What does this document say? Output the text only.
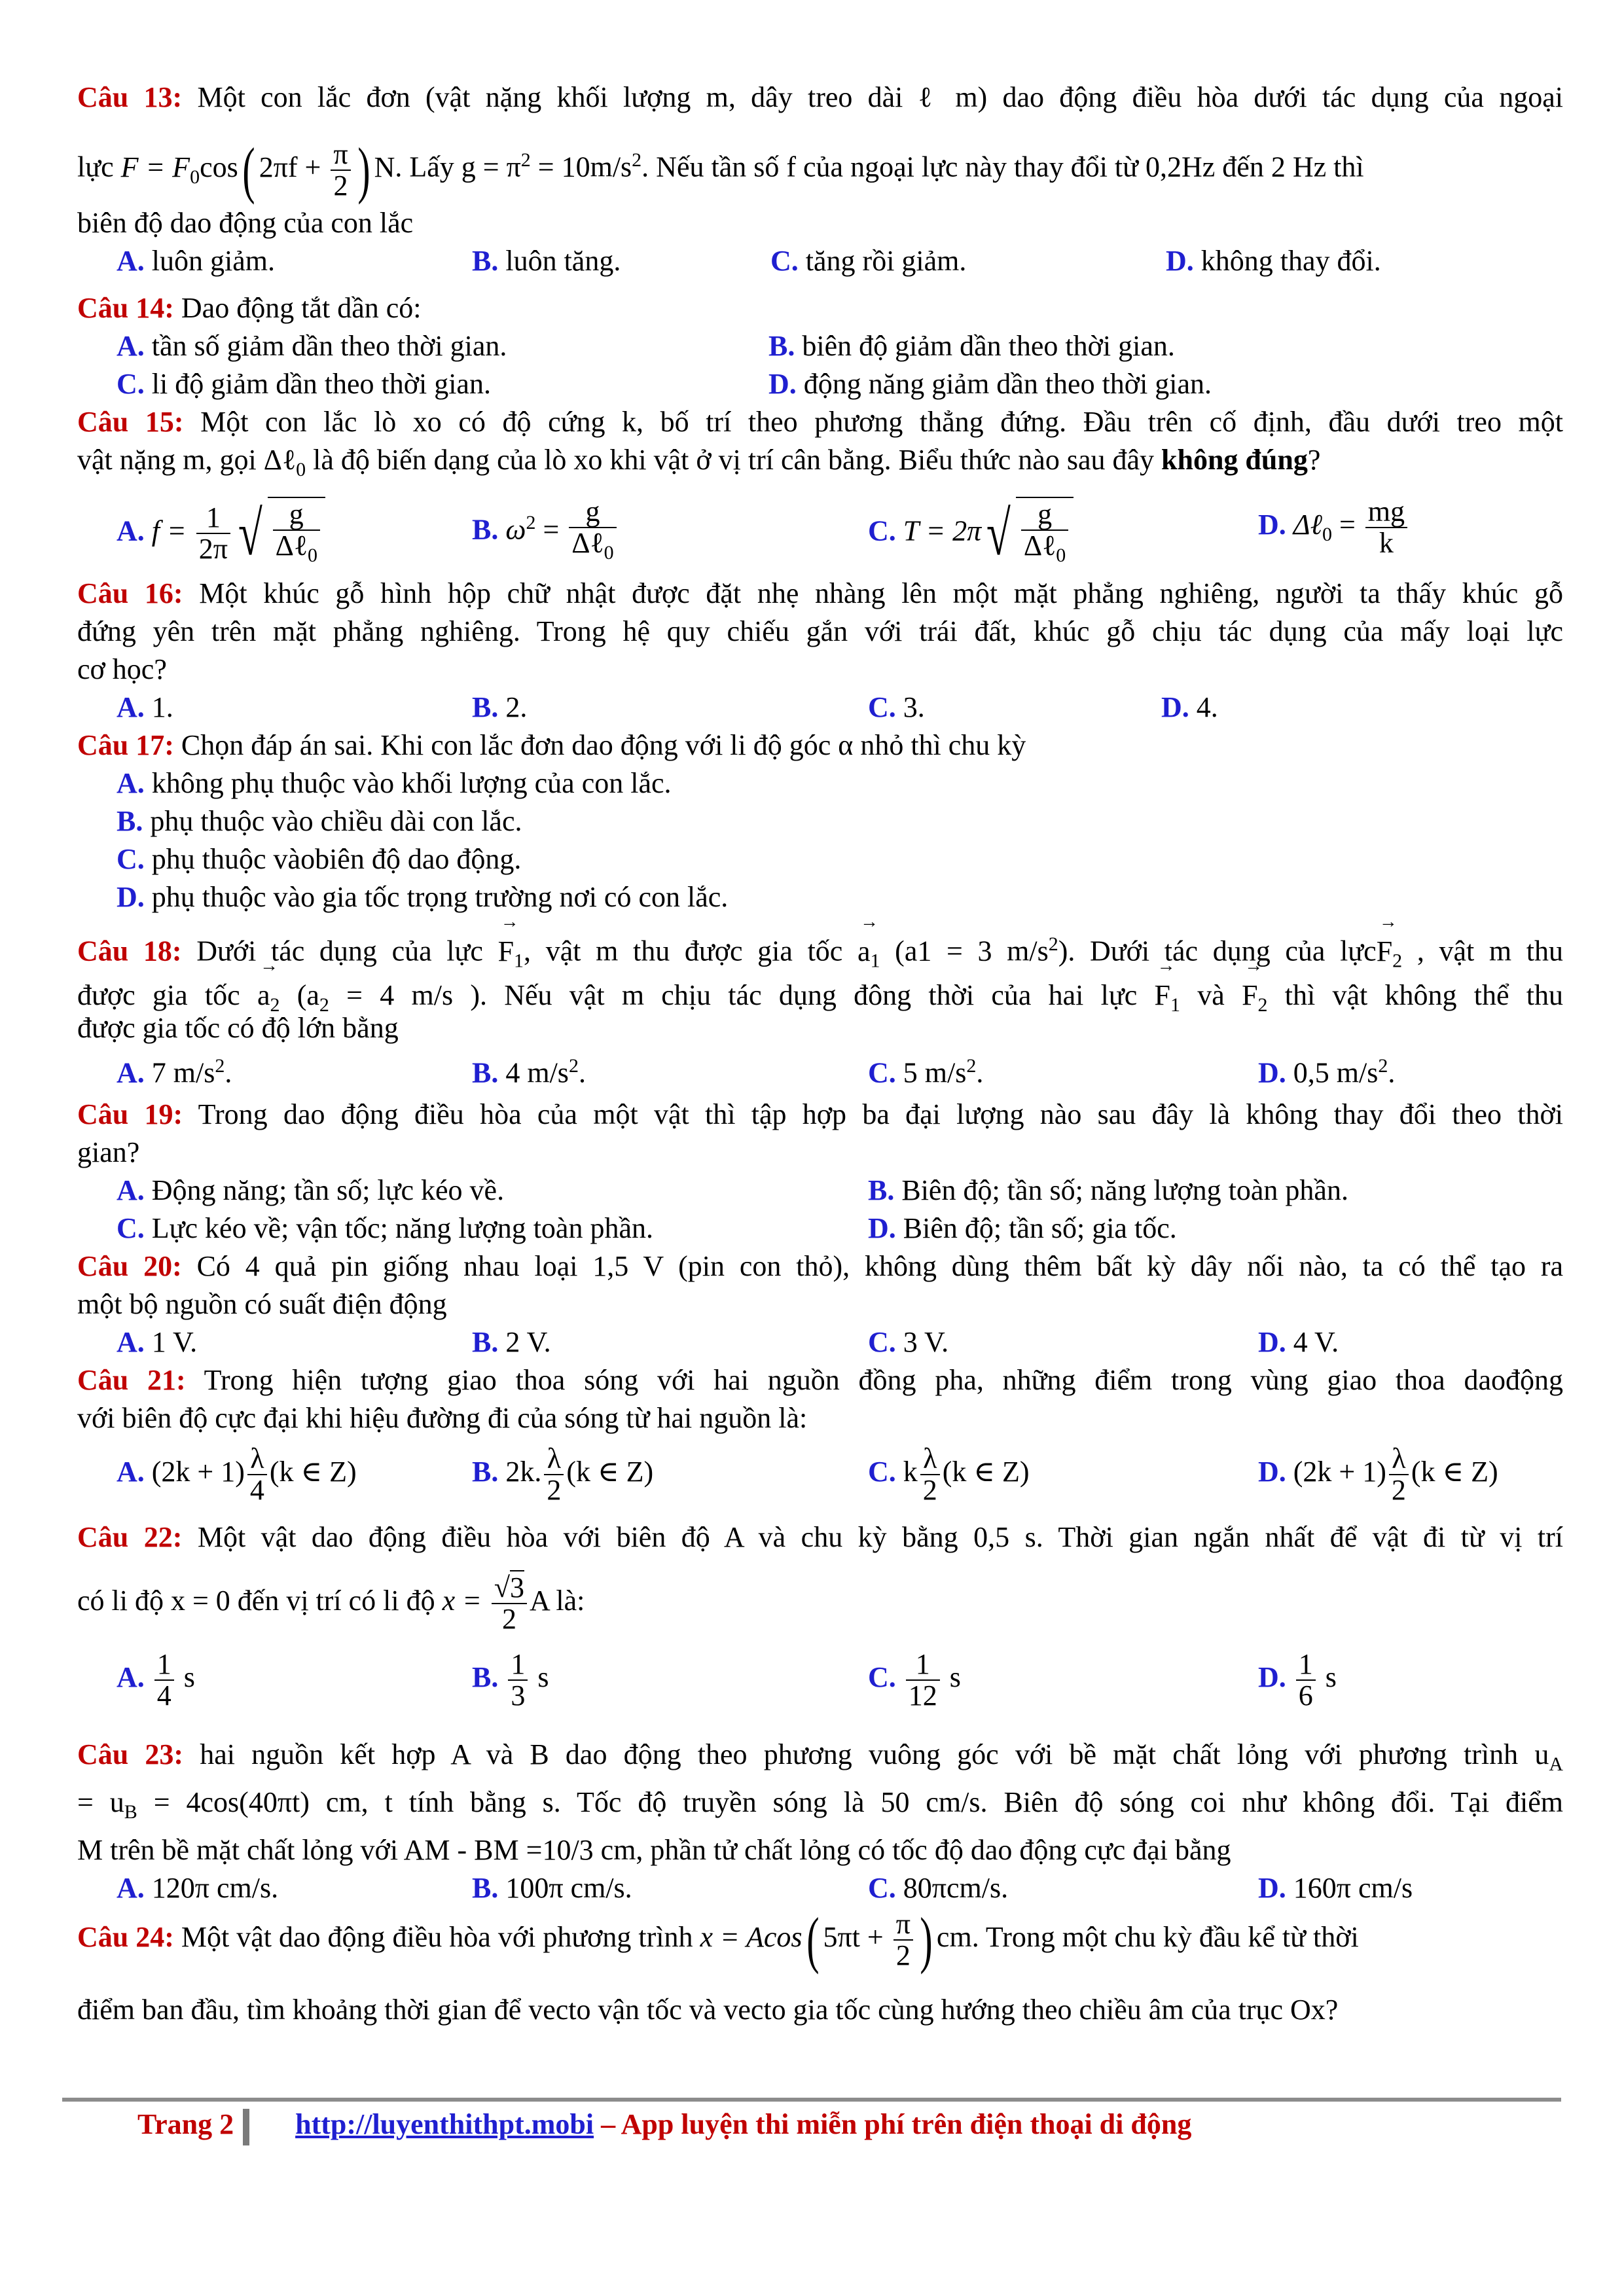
Câu 13: Một con lắc đơn (vật nặng khối lượng m, dây treo dài ℓ m) dao động điều hòa dưới tác dụng của ngoại
lực $F = F_0\cos$( $2\pi f + \frac{\pi}{2}$ ) N. Lấy $g = \pi^2 = 10m/s^2$. Nếu tần số f của ngoại lực này thay đổi từ 0,2Hz đến 2 Hz thì
biên độ dao động của con lắc
A. luôn giảm.	B. luôn tăng.	C. tăng rồi giảm.	D. không thay đổi.
Câu 14: Dao động tắt dần có:
A. tần số giảm dần theo thời gian.	B. biên độ giảm dần theo thời gian.
C. li độ giảm dần theo thời gian.	D. động năng giảm dần theo thời gian.
Câu 15: Một con lắc lò xo có độ cứng k, bố trí theo phương thẳng đứng. Đầu trên cố định, đầu dưới treo một
vật nặng m, gọi Δℓ$_0$ là độ biến dạng của lò xo khi vật ở vị trí cân bằng. Biểu thức nào sau đây không đúng?
A. $f = \frac{1}{2\pi}$ √ $\frac{g}{\Delta\ell_0}$	B. $\omega^2 = \frac{g}{\Delta\ell_0}$	C. $T = 2\pi√ \frac{g}{\Delta\ell_0}$	D. Δℓ$_0$ = $\frac{mg}{k}$
Câu 16: Một khúc gỗ hình hộp chữ nhật được đặt nhẹ nhàng lên một mặt phẳng nghiêng, người ta thấy khúc gỗ
đứng yên trên mặt phẳng nghiêng. Trong hệ quy chiếu gắn với trái đất, khúc gỗ chịu tác dụng của mấy loại lực
cơ học?
A. 1.	B. 2.	C. 3.	D. 4.
Câu 17: Chọn đáp án sai. Khi con lắc đơn dao động với li độ góc α nhỏ thì chu kỳ
A. không phụ thuộc vào khối lượng của con lắc.
B. phụ thuộc vào chiều dài con lắc.
C. phụ thuộc vàobiên độ dao động.
D. phụ thuộc vào gia tốc trọng trường nơi có con lắc.
Câu 18: Dưới tác dụng của lực → $F_1$, vật m thu được gia tốc → $a_1$ (a1 = 3 $m/s^2$). Dưới tác dụng của lực→ $F_2$ , vật m thu
được gia tốc → $a_2$ ($a_2 = 4$ m/s ). Nếu vật m chịu tác dụng đông thời của hai lực → $F_1$ và → $F_2$ thì vật không thể thu
được gia tốc có độ lớn bằng
A. 7 $m/s^2$.	B. 4 $m/s^2$.	C. 5 $m/s^2$.	D. 0,5 $m/s^2$.
Câu 19: Trong dao động điều hòa của một vật thì tập hợp ba đại lượng nào sau đây là không thay đổi theo thời
gian?
A. Động năng; tần số; lực kéo về.	B. Biên độ; tần số; năng lượng toàn phần.
C. Lực kéo về; vận tốc; năng lượng toàn phần.	D. Biên độ; tần số; gia tốc.
Câu 20: Có 4 quả pin giống nhau loại 1,5 V (pin con thỏ), không dùng thêm bất kỳ dây nối nào, ta có thể tạo ra
một bộ nguồn có suất điện động
A. 1 V.	B. 2 V.	C. 3 V.	D. 4 V.
Câu 21: Trong hiện tượng giao thoa sóng với hai nguồn đồng pha, những điểm trong vùng giao thoa daođộng
với biên độ cực đại khi hiệu đường đi của sóng từ hai nguồn là:
A. $(2k + 1) \frac{\lambda}{4} (k$ ∈ Z)	B. 2k. $\frac{\lambda}{2} (k$ ∈ Z)	C. k $\frac{\lambda}{2} (k$ ∈ Z)	D. $(2k + 1) \frac{\lambda}{2} (k$ ∈ Z)
Câu 22: Một vật dao động điều hòa với biên độ A và chu kỳ bằng 0,5 s. Thời gian ngắn nhất để vật đi từ vị trí
có li độ x = 0 đến vị trí có li độ $x = \frac{√3}{2}$ A là:
A. $\frac{1}{4}$ s	B. $\frac{1}{3}$ s	C. $\frac{1}{12}$ s	D. $\frac{1}{6}$ s
Câu 23: hai nguồn kết hợp A và B dao động theo phương vuông góc với bề mặt chất lỏng với phương trình $u_A$
= $u_B = 4\cos(40\pi t)$ cm, t tính bằng s. Tốc độ truyền sóng là 50 cm/s. Biên độ sóng coi như không đổi. Tại điểm
M trên bề mặt chất lỏng với AM - BM =10/3 cm, phần tử chất lỏng có tốc độ dao động cực đại bằng
A. 120π cm/s.	B. 100π cm/s.	C. 80πcm/s.	D. 160π cm/s
Câu 24: Một vật dao động điều hòa với phương trình x = Acos( $5\pi t + \frac{\pi}{2}$ ) cm. Trong một chu kỳ đầu kể từ thời
điểm ban đầu, tìm khoảng thời gian để vecto vận tốc và vecto gia tốc cùng hướng theo chiều âm của trục Ox?
Trang 2 http://luyenthithpt.mobi – App luyện thi miễn phí trên điện thoại di động
